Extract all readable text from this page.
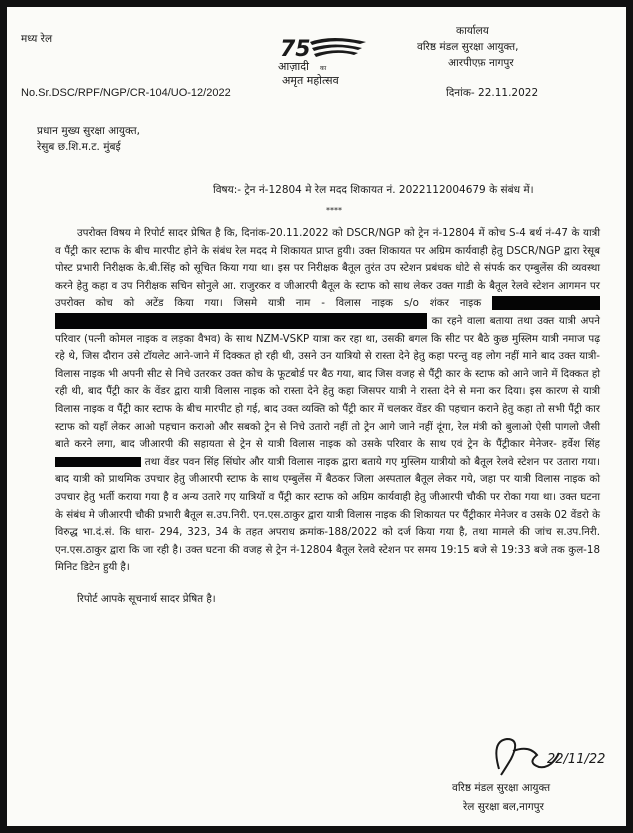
मध्य रेल	75
आज़ादी का
अमृत महोत्सव
कार्यालय
वरिष्ठ मंडल सुरक्षा आयुक्त,
आरपीएफ़ नागपुर
No.Sr.DSC/RPF/NGP/CR-104/UO-12/2022	दिनांक- 22.11.2022
प्रधान मुख्य सुरक्षा आयुक्त,
रेसुब छ.शि.म.ट. मुंबई
विषय:- ट्रेन नं-12804 मे रेल मदद शिकायत नं. 2022112004679 के संबंध में।
****

उपरोक्त विषय मे रिपोर्ट सादर प्रेषित है कि, दिनांक-20.11.2022 को DSCR/NGP को ट्रेन नं-12804 में कोच S-4 बर्थ नं-47 के यात्री व पैंट्री कार स्टाफ के बीच मारपीट होने के संबंध रेल मदद मे शिकायत प्राप्त हुयी। उक्त शिकायत पर अग्रिम कार्यवाही हेतु DSCR/NGP द्वारा रेसूब पोस्ट प्रभारी निरीक्षक के.बी.सिंह को सूचित किया गया था। इस पर निरीक्षक बैतूल तुरंत उप स्टेशन प्रबंधक धोटे से संपर्क कर एम्बुलेंस की व्यवस्था करने हेतु कहा व उप निरीक्षक सचिन सोनुले आ. राजुरकर व जीआरपी बैतूल के स्टाफ को साथ लेकर उक्त गाडी के बैतूल रेलवे स्टेशन आगमन पर उपरोक्त कोच को अटेंड किया गया। जिसमे यात्री नाम - विलास नाइक s/o शंकर नाइक   का रहने वाला बताया तथा उक्त यात्री अपने परिवार (पत्नी कोमल नाइक व लड़का वैभव) के साथ NZM-VSKP यात्रा कर रहा था, उसकी बगल कि सीट पर बैठे कुछ मुस्लिम यात्री नमाज पढ़ रहे थे, जिस दौरान उसे टॉयलेट आने-जाने में दिक्कत हो रही थी, उसने उन यात्रियो से रास्ता देने हेतु कहा परन्तु वह लोग नहीं माने बाद उक्त यात्री- विलास नाइक भी अपनी सीट से निचे उतरकर उक्त कोच के फूटबोर्ड पर बैठ गया, बाद जिस वजह से पैंट्री कार के स्टाफ को आने जाने में दिक्कत हो रही थी, बाद पैंट्री कार के वेंडर द्वारा यात्री विलास नाइक को रास्ता देने हेतु कहा जिसपर यात्री ने रास्ता देने से मना कर दिया। इस कारण से यात्री विलास नाइक व पैंट्री कार स्टाफ के बीच मारपीट हो गई, बाद उक्त व्यक्ति को पैंट्री कार में चलकर वेंडर की पहचान कराने हेतु कहा तो सभी पैंट्री कार स्टाफ को यहाँ लेकर आओ पहचान कराओ और सबको ट्रेन से निचे उतारो नहीं तो ट्रेन आगे जाने नहीं दूंगा, रेल मंत्री को बुलाओ ऐसी पागलो जैसी बाते करने लगा, बाद जीआरपी की सहायता से ट्रेन से यात्री विलास नाइक को उसके परिवार के साथ एवं ट्रेन के पैंट्रीकार मेनेजर- हर्वेश सिंह  तथा वेंडर पवन सिंह सिंघोर और यात्री विलास नाइक द्वारा बताये गए मुस्लिम यात्रीयो को बैतूल रेलवे स्टेशन पर उतारा गया। बाद यात्री को प्राथमिक उपचार हेतु जीआरपी स्टाफ के साथ एम्बुलेंस में बैठकर जिला अस्पताल बैतूल लेकर गये, जहा पर यात्री विलास नाइक को उपचार हेतु भर्ती कराया गया है व अन्य उतारे गए यात्रियों व पैंट्री कार स्टाफ को अग्रिम कार्यवाही हेतु जीआरपी चौकी पर रोका गया था। उक्त घटना के संबंध मे जीआरपी चौकी प्रभारी बैतूल स.उप.निरी. एन.एस.ठाकुर द्वारा यात्री विलास नाइक की शिकायत पर पैंट्रीकार मेनेजर व उसके 02 वेंडरो के विरुद्ध भा.दं.सं. कि धारा- 294, 323, 34 के तहत अपराध क्रमांक-188/2022 को दर्ज किया गया है, तथा मामले की जांच स.उप.निरी. एन.एस.ठाकुर द्वारा कि जा रही है। उक्त घटना की वजह से ट्रेन नं-12804 बैतूल रेलवे स्टेशन पर समय 19:15 बजे से 19:33 बजे तक कुल-18 मिनिट डिटेन हुयी है।

रिपोर्ट आपके सूचनार्थ सादर प्रेषित है।

22/11/22
वरिष्ठ मंडल सुरक्षा आयुक्त
रेल सुरक्षा बल,नागपुर
